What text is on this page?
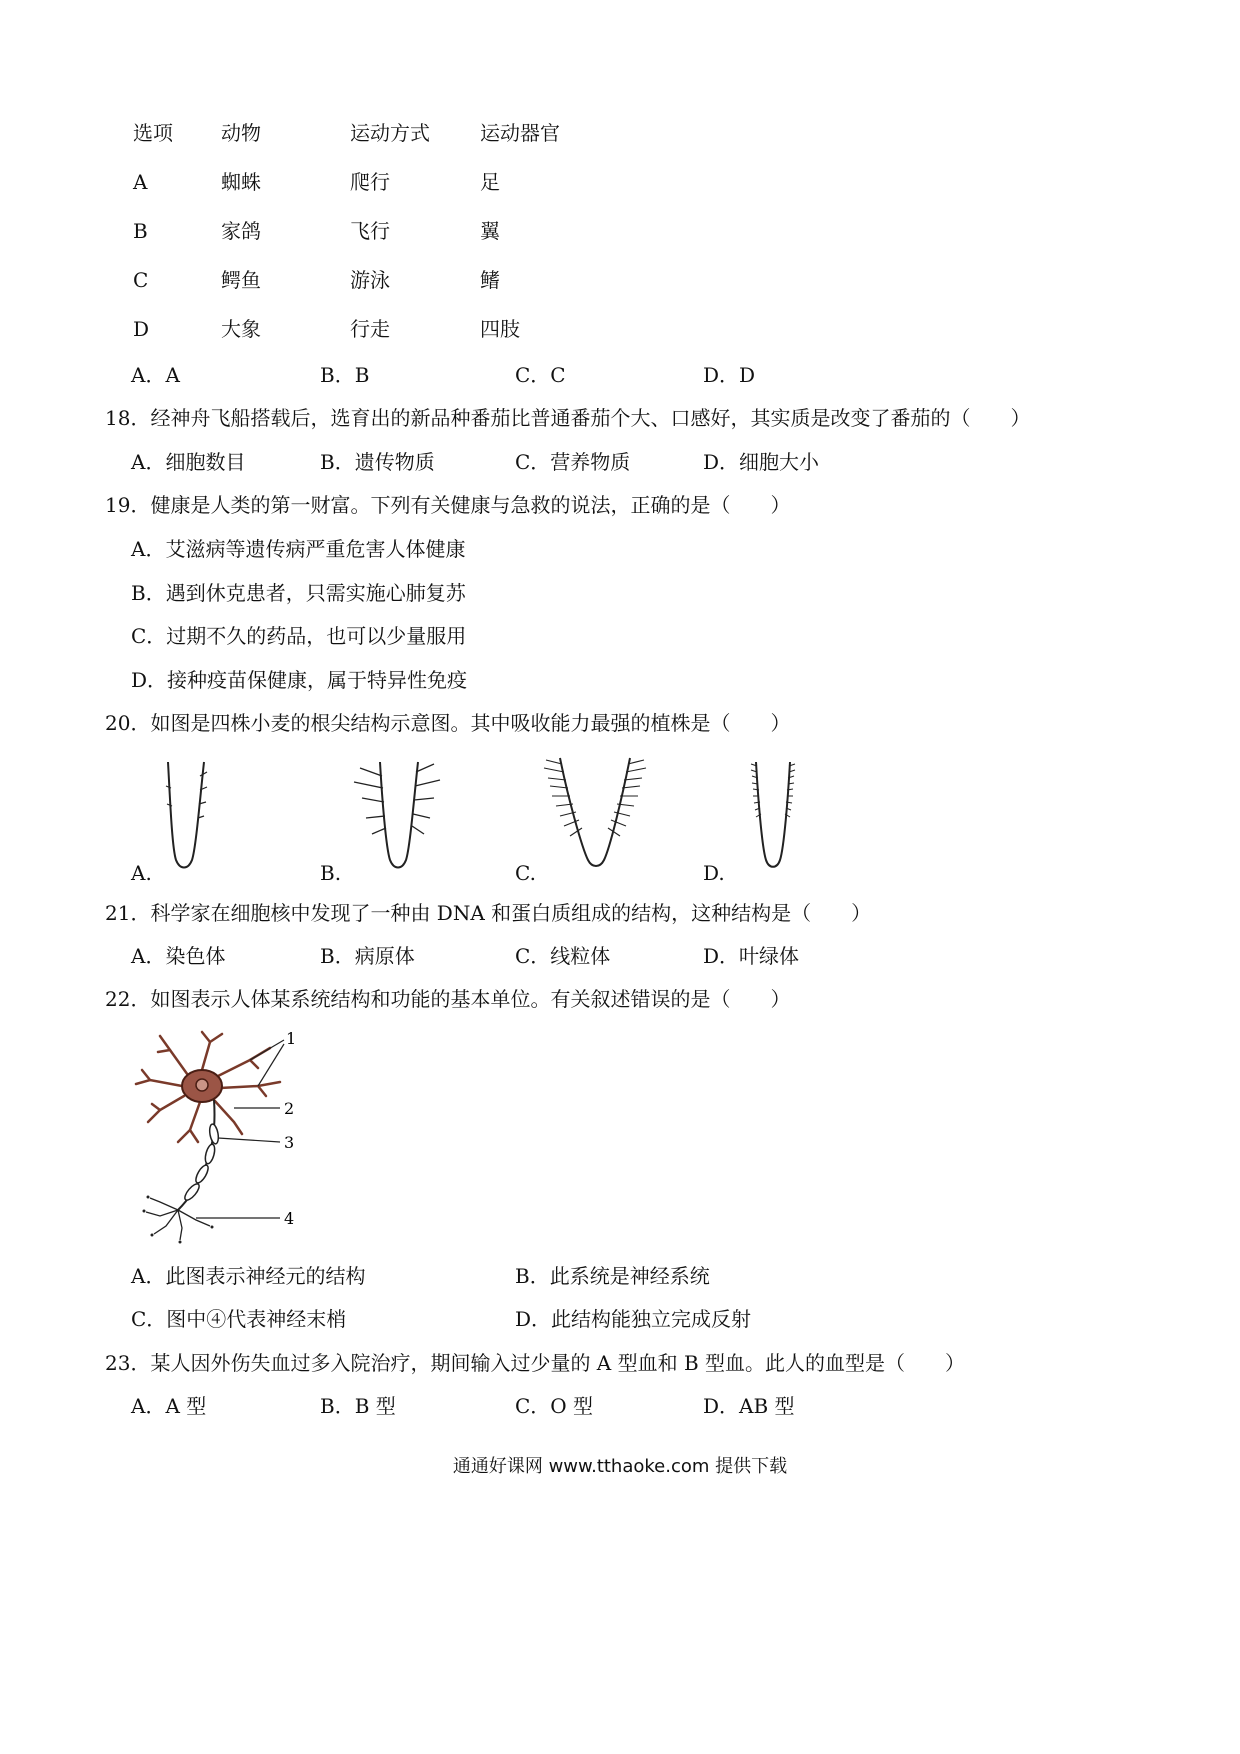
选项 动物	运动方式	运动器官
A	蜘蛛	爬行	足
B	家鸽	飞行	翼
C	鳄鱼	游泳	鳍
D	大象	行走	四肢
A．A	B．B	C．C	D．D
18．经神舟飞船搭载后，选育出的新品种番茄比普通番茄个大、口感好，其实质是改变了番茄的（　　）
A．细胞数目	B．遗传物质	C．营养物质	D．细胞大小
19．健康是人类的第一财富。下列有关健康与急救的说法，正确的是（　　）
A．艾滋病等遗传病严重危害人体健康
B．遇到休克患者，只需实施心肺复苏
C．过期不久的药品，也可以少量服用
D．接种疫苗保健康，属于特异性免疫
20．如图是四株小麦的根尖结构示意图。其中吸收能力最强的植株是（　　）
A.	B.	C.	D.
21．科学家在细胞核中发现了一种由 DNA 和蛋白质组成的结构，这种结构是（　　）
A．染色体	B．病原体	C．线粒体	D．叶绿体
22．如图表示人体某系统结构和功能的基本单位。有关叙述错误的是（　　）
1
2
3
4
A．此图表示神经元的结构	B．此系统是神经系统
C．图中④代表神经末梢	D．此结构能独立完成反射
23．某人因外伤失血过多入院治疗，期间输入过少量的 A 型血和 B 型血。此人的血型是（　　）
A．A 型	B．B 型	C．O 型	D．AB 型
通通好课网 www.tthaoke.com 提供下载
